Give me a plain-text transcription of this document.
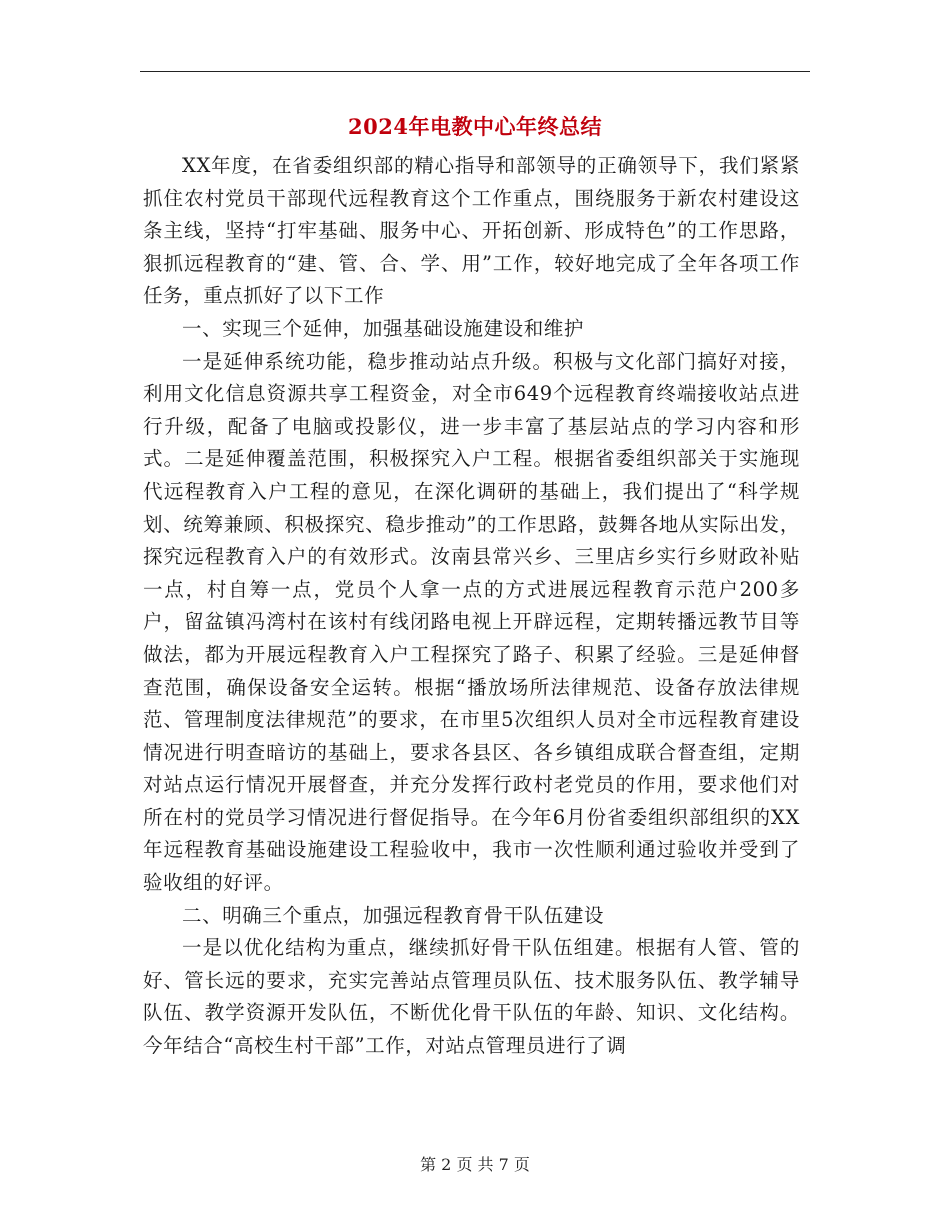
2024年电教中心年终总结

XX年度，在省委组织部的精心指导和部领导的正确领导下，我们紧紧抓住农村党员干部现代远程教育这个工作重点，围绕服务于新农村建设这条主线，坚持“打牢基础、服务中心、开拓创新、形成特色”的工作思路，狠抓远程教育的“建、管、合、学、用”工作，较好地完成了全年各项工作任务，重点抓好了以下工作

一、实现三个延伸，加强基础设施建设和维护

一是延伸系统功能，稳步推动站点升级。积极与文化部门搞好对接，利用文化信息资源共享工程资金，对全市649个远程教育终端接收站点进行升级，配备了电脑或投影仪，进一步丰富了基层站点的学习内容和形式。二是延伸覆盖范围，积极探究入户工程。根据省委组织部关于实施现代远程教育入户工程的意见，在深化调研的基础上，我们提出了“科学规划、统筹兼顾、积极探究、稳步推动”的工作思路，鼓舞各地从实际出发，探究远程教育入户的有效形式。汝南县常兴乡、三里店乡实行乡财政补贴一点，村自筹一点，党员个人拿一点的方式进展远程教育示范户200多户，留盆镇冯湾村在该村有线闭路电视上开辟远程，定期转播远教节目等做法，都为开展远程教育入户工程探究了路子、积累了经验。三是延伸督查范围，确保设备安全运转。根据“播放场所法律规范、设备存放法律规范、管理制度法律规范”的要求，在市里5次组织人员对全市远程教育建设情况进行明查暗访的基础上，要求各县区、各乡镇组成联合督查组，定期对站点运行情况开展督查，并充分发挥行政村老党员的作用，要求他们对所在村的党员学习情况进行督促指导。在今年6月份省委组织部组织的XX年远程教育基础设施建设工程验收中，我市一次性顺利通过验收并受到了验收组的好评。

二、明确三个重点，加强远程教育骨干队伍建设

一是以优化结构为重点，继续抓好骨干队伍组建。根据有人管、管的好、管长远的要求，充实完善站点管理员队伍、技术服务队伍、教学辅导队伍、教学资源开发队伍，不断优化骨干队伍的年龄、知识、文化结构。今年结合“高校生村干部”工作，对站点管理员进行了调

第 2 页 共 7 页
